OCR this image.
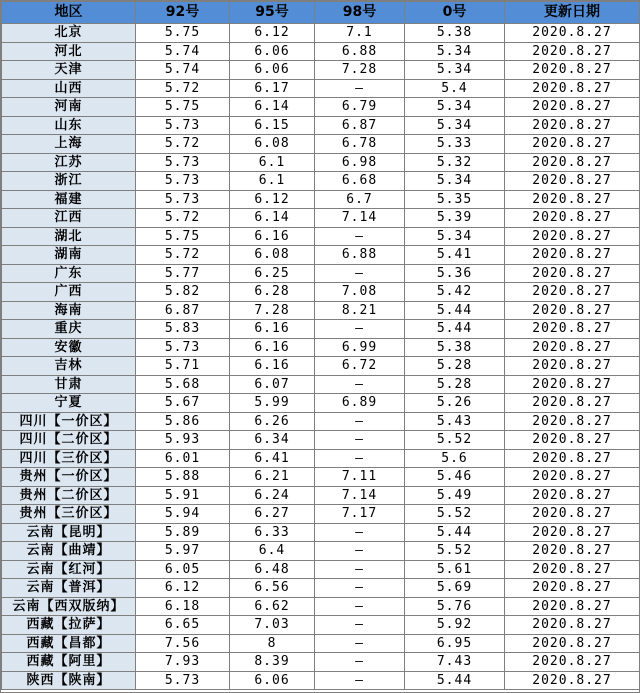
地区	92号	95号	98号	0号	更新日期
北京	5.75	6.12	7.1	5.38	2020.8.27
河北	5.74	6.06	6.88	5.34	2020.8.27
天津	5.74	6.06	7.28	5.34	2020.8.27
山西	5.72	6.17	–	5.4	2020.8.27
河南	5.75	6.14	6.79	5.34	2020.8.27
山东	5.73	6.15	6.87	5.34	2020.8.27
上海	5.72	6.08	6.78	5.33	2020.8.27
江苏	5.73	6.1	6.98	5.32	2020.8.27
浙江	5.73	6.1	6.68	5.34	2020.8.27
福建	5.73	6.12	6.7	5.35	2020.8.27
江西	5.72	6.14	7.14	5.39	2020.8.27
湖北	5.75	6.16	–	5.34	2020.8.27
湖南	5.72	6.08	6.88	5.41	2020.8.27
广东	5.77	6.25	–	5.36	2020.8.27
广西	5.82	6.28	7.08	5.42	2020.8.27
海南	6.87	7.28	8.21	5.44	2020.8.27
重庆	5.83	6.16	–	5.44	2020.8.27
安徽	5.73	6.16	6.99	5.38	2020.8.27
吉林	5.71	6.16	6.72	5.28	2020.8.27
甘肃	5.68	6.07	–	5.28	2020.8.27
宁夏	5.67	5.99	6.89	5.26	2020.8.27
四川【一价区】	5.86	6.26	–	5.43	2020.8.27
四川【二价区】	5.93	6.34	–	5.52	2020.8.27
四川【三价区】	6.01	6.41	–	5.6	2020.8.27
贵州【一价区】	5.88	6.21	7.11	5.46	2020.8.27
贵州【二价区】	5.91	6.24	7.14	5.49	2020.8.27
贵州【三价区】	5.94	6.27	7.17	5.52	2020.8.27
云南【昆明】	5.89	6.33	–	5.44	2020.8.27
云南【曲靖】	5.97	6.4	–	5.52	2020.8.27
云南【红河】	6.05	6.48	–	5.61	2020.8.27
云南【普洱】	6.12	6.56	–	5.69	2020.8.27
云南【西双版纳】	6.18	6.62	–	5.76	2020.8.27
西藏【拉萨】	6.65	7.03	–	5.92	2020.8.27
西藏【昌都】	7.56	8	–	6.95	2020.8.27
西藏【阿里】	7.93	8.39	–	7.43	2020.8.27
陕西【陕南】	5.73	6.06	–	5.44	2020.8.27
